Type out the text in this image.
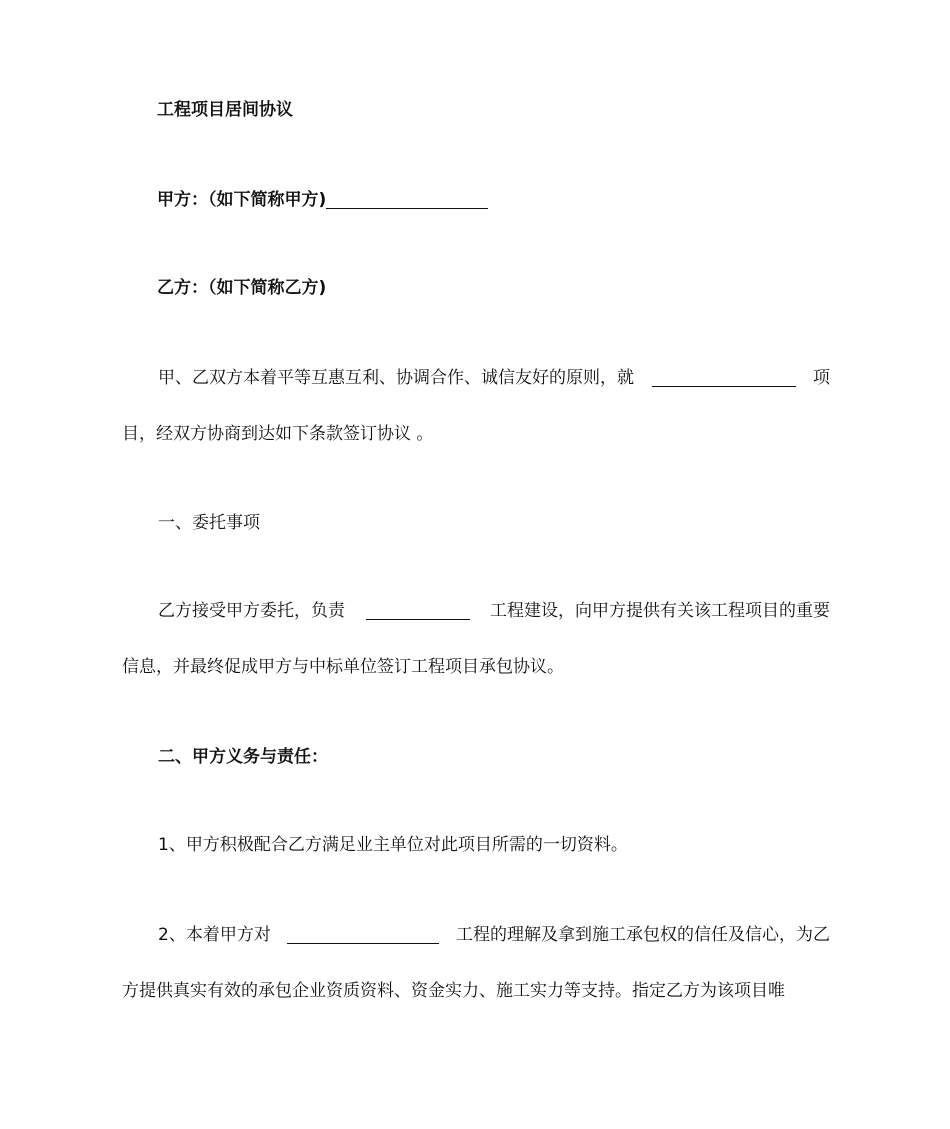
工程项目居间协议
甲方：（如下简称甲方)
乙方：（如下简称乙方)
甲、乙双方本着平等互惠互利、协调合作、诚信友好的原则，就	项
目，经双方协商到达如下条款签订协议 。
一、委托事项
乙方接受甲方委托，负责	工程建设，向甲方提供有关该工程项目的重要
信息，并最终促成甲方与中标单位签订工程项目承包协议。
二、甲方义务与责任：
1、甲方积极配合乙方满足业主单位对此项目所需的一切资料。
2、本着甲方对	工程的理解及拿到施工承包权的信任及信心，为乙
方提供真实有效的承包企业资质资料、资金实力、施工实力等支持。指定乙方为该项目唯
